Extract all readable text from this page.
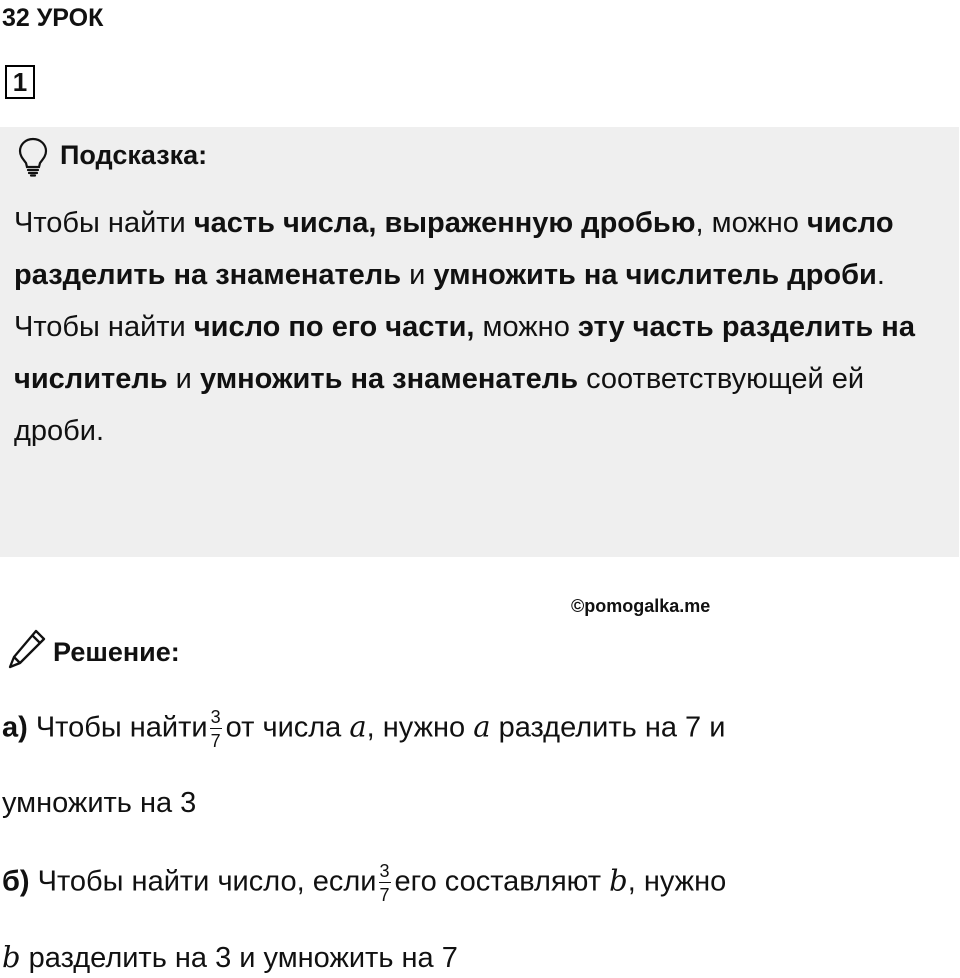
32 УРОК
1
Подсказка:

Чтобы найти часть числа, выраженную дробью, можно число разделить на знаменатель и умножить на числитель дроби.

Чтобы найти число по его части, можно эту часть разделить на числитель и умножить на знаменатель соответствующей ей дроби.

©pomogalka.me
Решение:
а) Чтобы найти $\frac{3}{7}$ от числа a, нужно a разделить на 7 и
умножить на 3
б) Чтобы найти число, если $\frac{3}{7}$ его составляют b, нужно
b разделить на 3 и умножить на 7
